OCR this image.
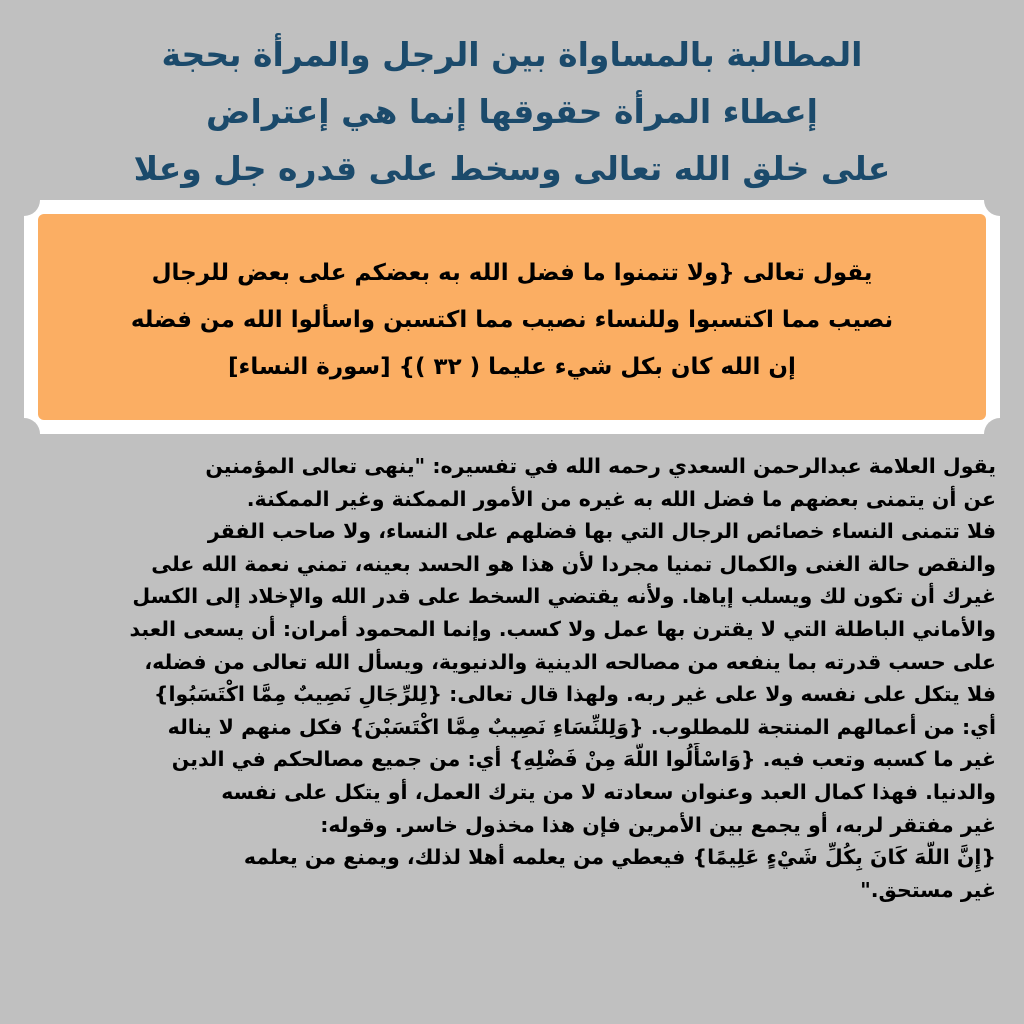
المطالبة بالمساواة بين الرجل والمرأة بحجة
إعطاء المرأة حقوقها إنما هي إعتراض
على خلق الله تعالى وسخط على قدره جل وعلا
يقول تعالى {ولا تتمنوا ما فضل الله به بعضكم على بعض للرجال
نصيب مما اكتسبوا وللنساء نصيب مما اكتسبن واسألوا الله من فضله
إن الله كان بكل شيء عليما ( ٣٢ )} [سورة النساء]
يقول العلامة عبدالرحمن السعدي رحمه الله في تفسيره: "ينهى تعالى المؤمنين
عن أن يتمنى بعضهم ما فضل الله به غيره من الأمور الممكنة وغير الممكنة.
فلا تتمنى النساء خصائص الرجال التي بها فضلهم على النساء، ولا صاحب الفقر
والنقص حالة الغنى والكمال تمنيا مجردا لأن هذا هو الحسد بعينه، تمني نعمة الله على
غيرك أن تكون لك ويسلب إياها. ولأنه يقتضي السخط على قدر الله والإخلاد إلى الكسل
والأماني الباطلة التي لا يقترن بها عمل ولا كسب. وإنما المحمود أمران: أن يسعى العبد
على حسب قدرته بما ينفعه من مصالحه الدينية والدنيوية، ويسأل الله تعالى من فضله،
فلا يتكل على نفسه ولا على غير ربه. ولهذا قال تعالى: {لِلرِّجَالِ نَصِيبٌ مِمَّا اكْتَسَبُوا}
أي: من أعمالهم المنتجة للمطلوب. {وَلِلنِّسَاءِ نَصِيبٌ مِمَّا اكْتَسَبْنَ} فكل منهم لا يناله
غير ما كسبه وتعب فيه. {وَاسْأَلُوا اللَّهَ مِنْ فَضْلِهِ} أي: من جميع مصالحكم في الدين
والدنيا. فهذا كمال العبد وعنوان سعادته لا من يترك العمل، أو يتكل على نفسه
غير مفتقر لربه، أو يجمع بين الأمرين فإن هذا مخذول خاسر. وقوله:
{إِنَّ اللَّهَ كَانَ بِكُلِّ شَيْءٍ عَلِيمًا} فيعطي من يعلمه أهلا لذلك، ويمنع من يعلمه
غير مستحق."
